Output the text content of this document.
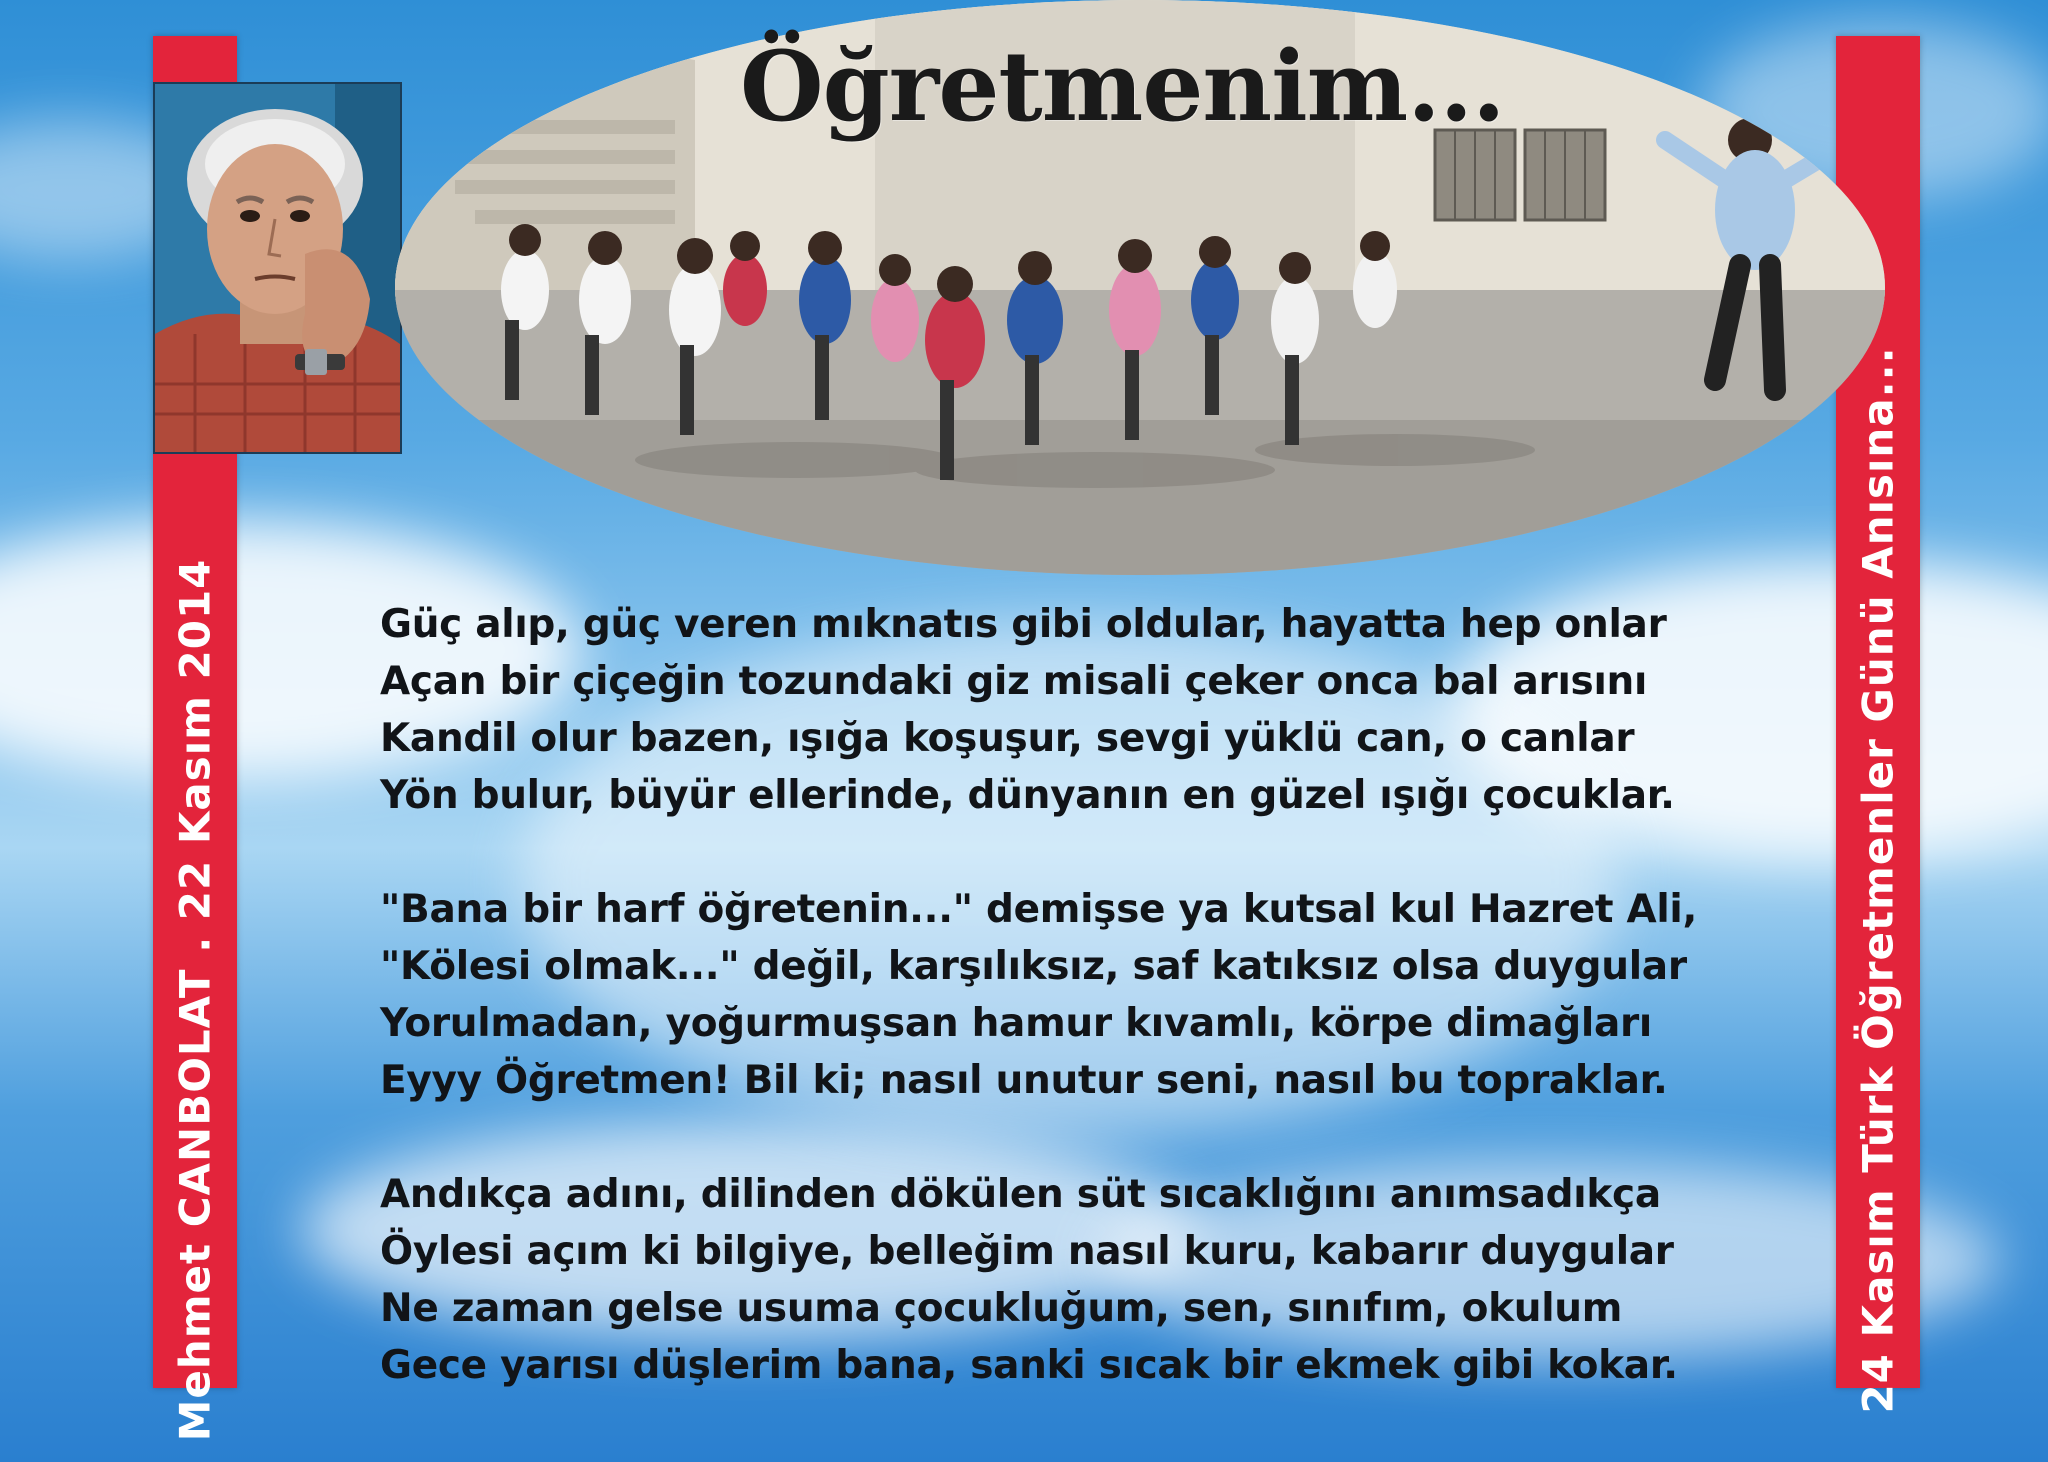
Mehmet CANBOLAT . 22 Kasım 2014	24 Kasım Türk Öğretmenler Günü Anısına...
Öğretmenim...
Güç alıp, güç veren mıknatıs gibi oldular, hayatta hep onlar
Açan bir çiçeğin tozundaki giz misali çeker onca bal arısını
Kandil olur bazen, ışığa koşuşur, sevgi yüklü can, o canlar
Yön bulur, büyür ellerinde, dünyanın en güzel ışığı çocuklar.
"Bana bir harf öğretenin..." demişse ya kutsal kul Hazret Ali,
"Kölesi olmak..." değil, karşılıksız, saf katıksız olsa duygular
Yorulmadan, yoğurmuşsan hamur kıvamlı, körpe dimağları
Eyyy Öğretmen! Bil ki; nasıl unutur seni, nasıl bu topraklar.
Andıkça adını, dilinden dökülen süt sıcaklığını anımsadıkça
Öylesi açım ki bilgiye, belleğim nasıl kuru, kabarır duygular
Ne zaman gelse usuma çocukluğum, sen, sınıfım, okulum
Gece yarısı düşlerim bana, sanki sıcak bir ekmek gibi kokar.
